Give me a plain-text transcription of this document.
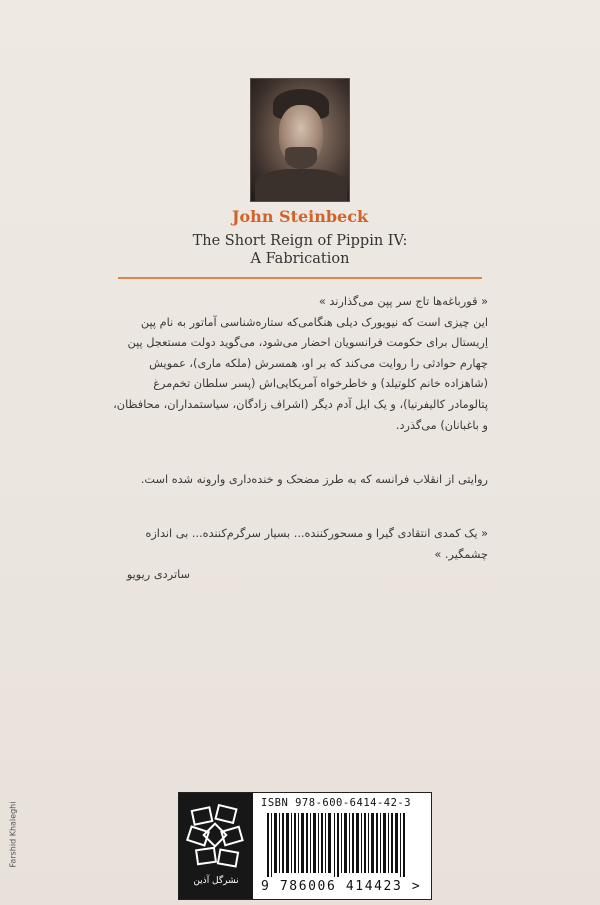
John Steinbeck
The Short Reign of Pippin IV:
A Fabrication

« قورباغه‌ها تاج سر پپن می‌گذارند »

این چیزی است که نیویورک دیلی هنگامی‌که ستاره‌شناسی آماتور به نام پپن

اِریستال برای حکومت فرانسویان احضار می‌شود، می‌گوید دولت مستعجل پپن

چهارم حوادثی را روایت می‌کند که بر او، همسرش (ملکه ماری)، عمویش

(شاهزاده خانم کلوتیلد) و خاطرخواه آمریکایی‌اش (پسر سلطان تخم‌مرغ

پتالومادر کالیفرنیا)، و یک ایل آدم دیگر (اشراف زادگان، سیاستمداران، محافظان،

و باغبانان) می‌گذرد.

روایتی از انقلاب فرانسه که به طرز مضحک و خنده‌داری وارونه شده است.

« یک کمدی انتقادی گیرا و مسحورکننده... بسیار سرگرم‌کننده... بی اندازه

چشمگیر. »

ساتردی ریویو

Farshid Khaleghi
نشرگل آذین
ISBN 978-600-6414-42-3
9 786006 414423 >
